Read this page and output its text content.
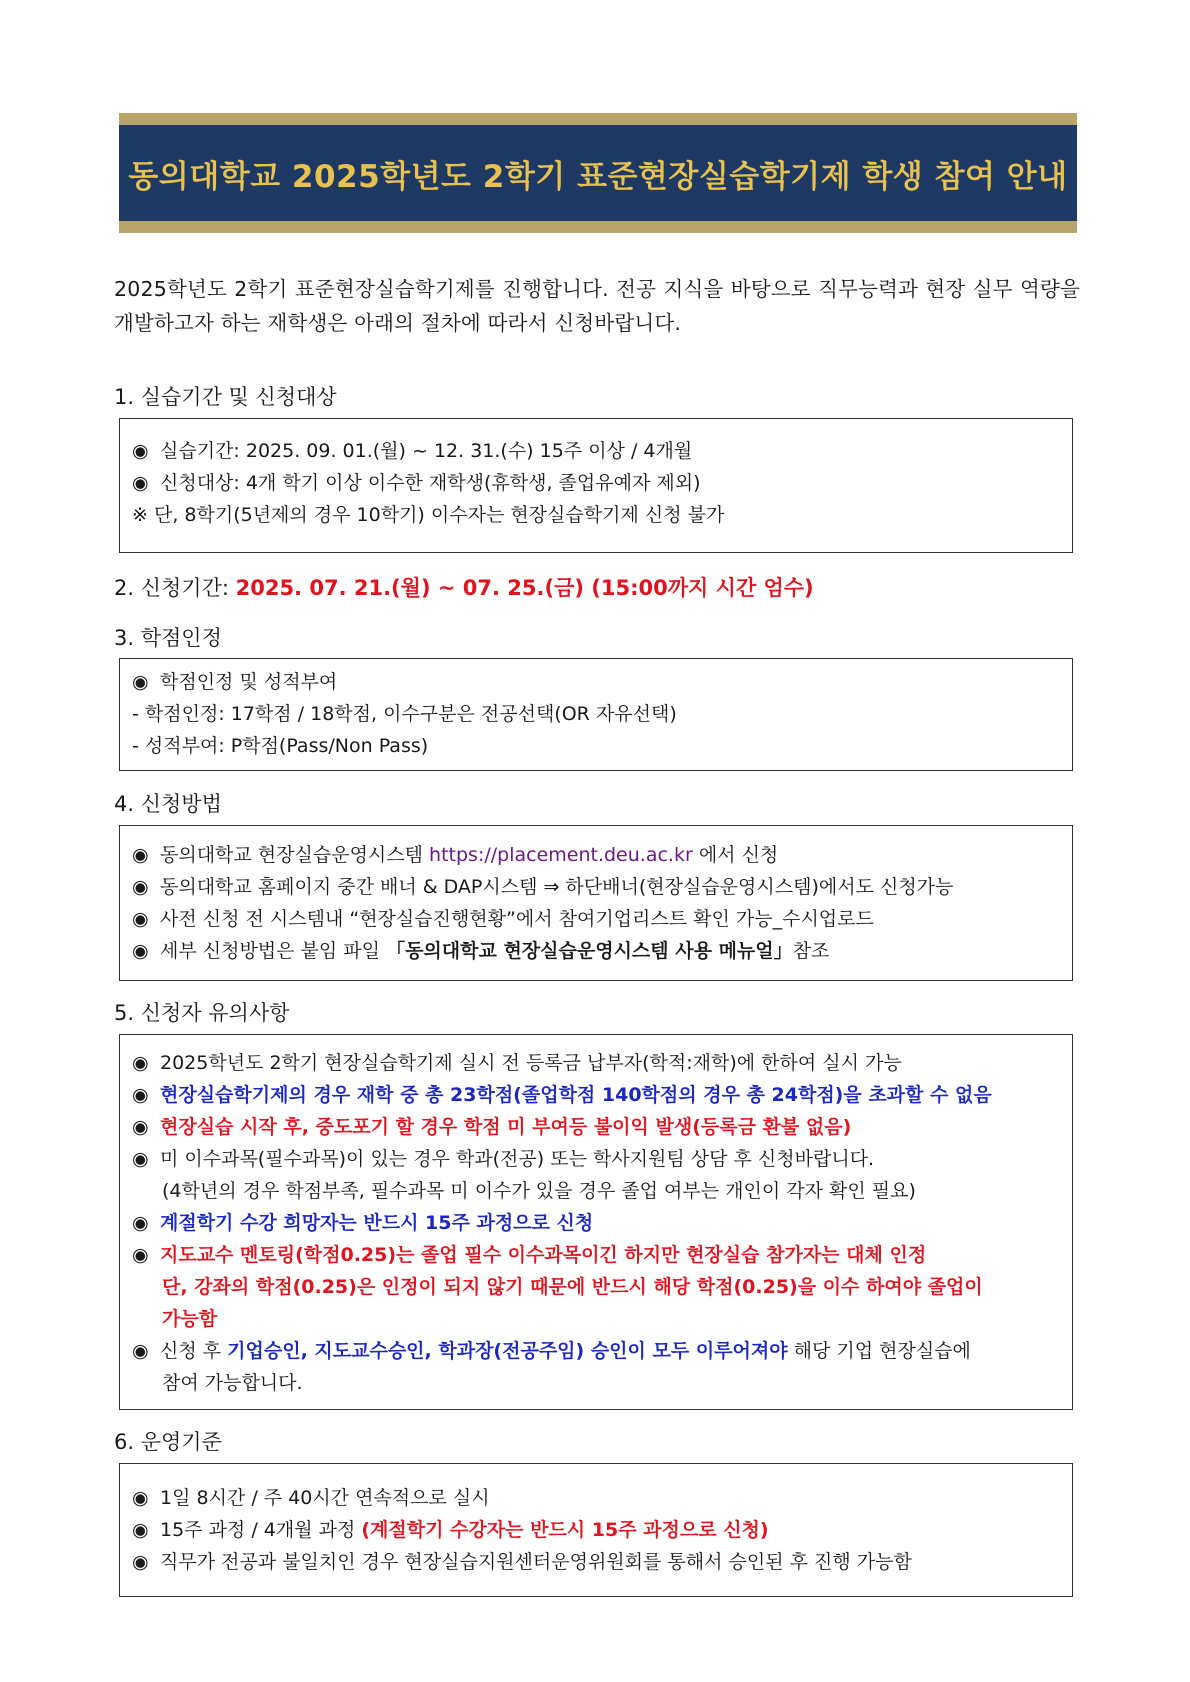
동의대학교 2025학년도 2학기 표준현장실습학기제 학생 참여 안내
2025학년도 2학기 표준현장실습학기제를 진행합니다. 전공 지식을 바탕으로 직무능력과 현장 실무 역량을 개발하고자 하는 재학생은 아래의 절차에 따라서 신청바랍니다.
1. 실습기간 및 신청대상
◉ 실습기간: 2025. 09. 01.(월) ~ 12. 31.(수) 15주 이상 / 4개월
◉ 신청대상: 4개 학기 이상 이수한 재학생(휴학생, 졸업유예자 제외)
※ 단, 8학기(5년제의 경우 10학기) 이수자는 현장실습학기제 신청 불가
2. 신청기간: 2025. 07. 21.(월) ~ 07. 25.(금) (15:00까지 시간 엄수)
3. 학점인정
◉ 학점인정 및 성적부여
- 학점인정: 17학점 / 18학점, 이수구분은 전공선택(OR 자유선택)
- 성적부여: P학점(Pass/Non Pass)
4. 신청방법
◉ 동의대학교 현장실습운영시스템 https://placement.deu.ac.kr 에서 신청
◉ 동의대학교 홈페이지 중간 배너 & DAP시스템 ⇒ 하단배너(현장실습운영시스템)에서도 신청가능
◉ 사전 신청 전 시스템내 “현장실습진행현황”에서 참여기업리스트 확인 가능_수시업로드
◉ 세부 신청방법은 붙임 파일 「동의대학교 현장실습운영시스템 사용 메뉴얼」참조
5. 신청자 유의사항
◉ 2025학년도 2학기 현장실습학기제 실시 전 등록금 납부자(학적:재학)에 한하여 실시 가능
◉ 현장실습학기제의 경우 재학 중 총 23학점(졸업학점 140학점의 경우 총 24학점)을 초과할 수 없음
◉ 현장실습 시작 후, 중도포기 할 경우 학점 미 부여등 불이익 발생(등록금 환불 없음)
◉ 미 이수과목(필수과목)이 있는 경우 학과(전공) 또는 학사지원팀 상담 후 신청바랍니다.
(4학년의 경우 학점부족, 필수과목 미 이수가 있을 경우 졸업 여부는 개인이 각자 확인 필요)
◉ 계절학기 수강 희망자는 반드시 15주 과정으로 신청
◉ 지도교수 멘토링(학점0.25)는 졸업 필수 이수과목이긴 하지만 현장실습 참가자는 대체 인정
단, 강좌의 학점(0.25)은 인정이 되지 않기 때문에 반드시 해당 학점(0.25)을 이수 하여야 졸업이
가능함
◉ 신청 후 기업승인, 지도교수승인, 학과장(전공주임) 승인이 모두 이루어져야 해당 기업 현장실습에
참여 가능합니다.
6. 운영기준
◉ 1일 8시간 / 주 40시간 연속적으로 실시
◉ 15주 과정 / 4개월 과정 (계절학기 수강자는 반드시 15주 과정으로 신청)
◉ 직무가 전공과 불일치인 경우 현장실습지원센터운영위원회를 통해서 승인된 후 진행 가능함
